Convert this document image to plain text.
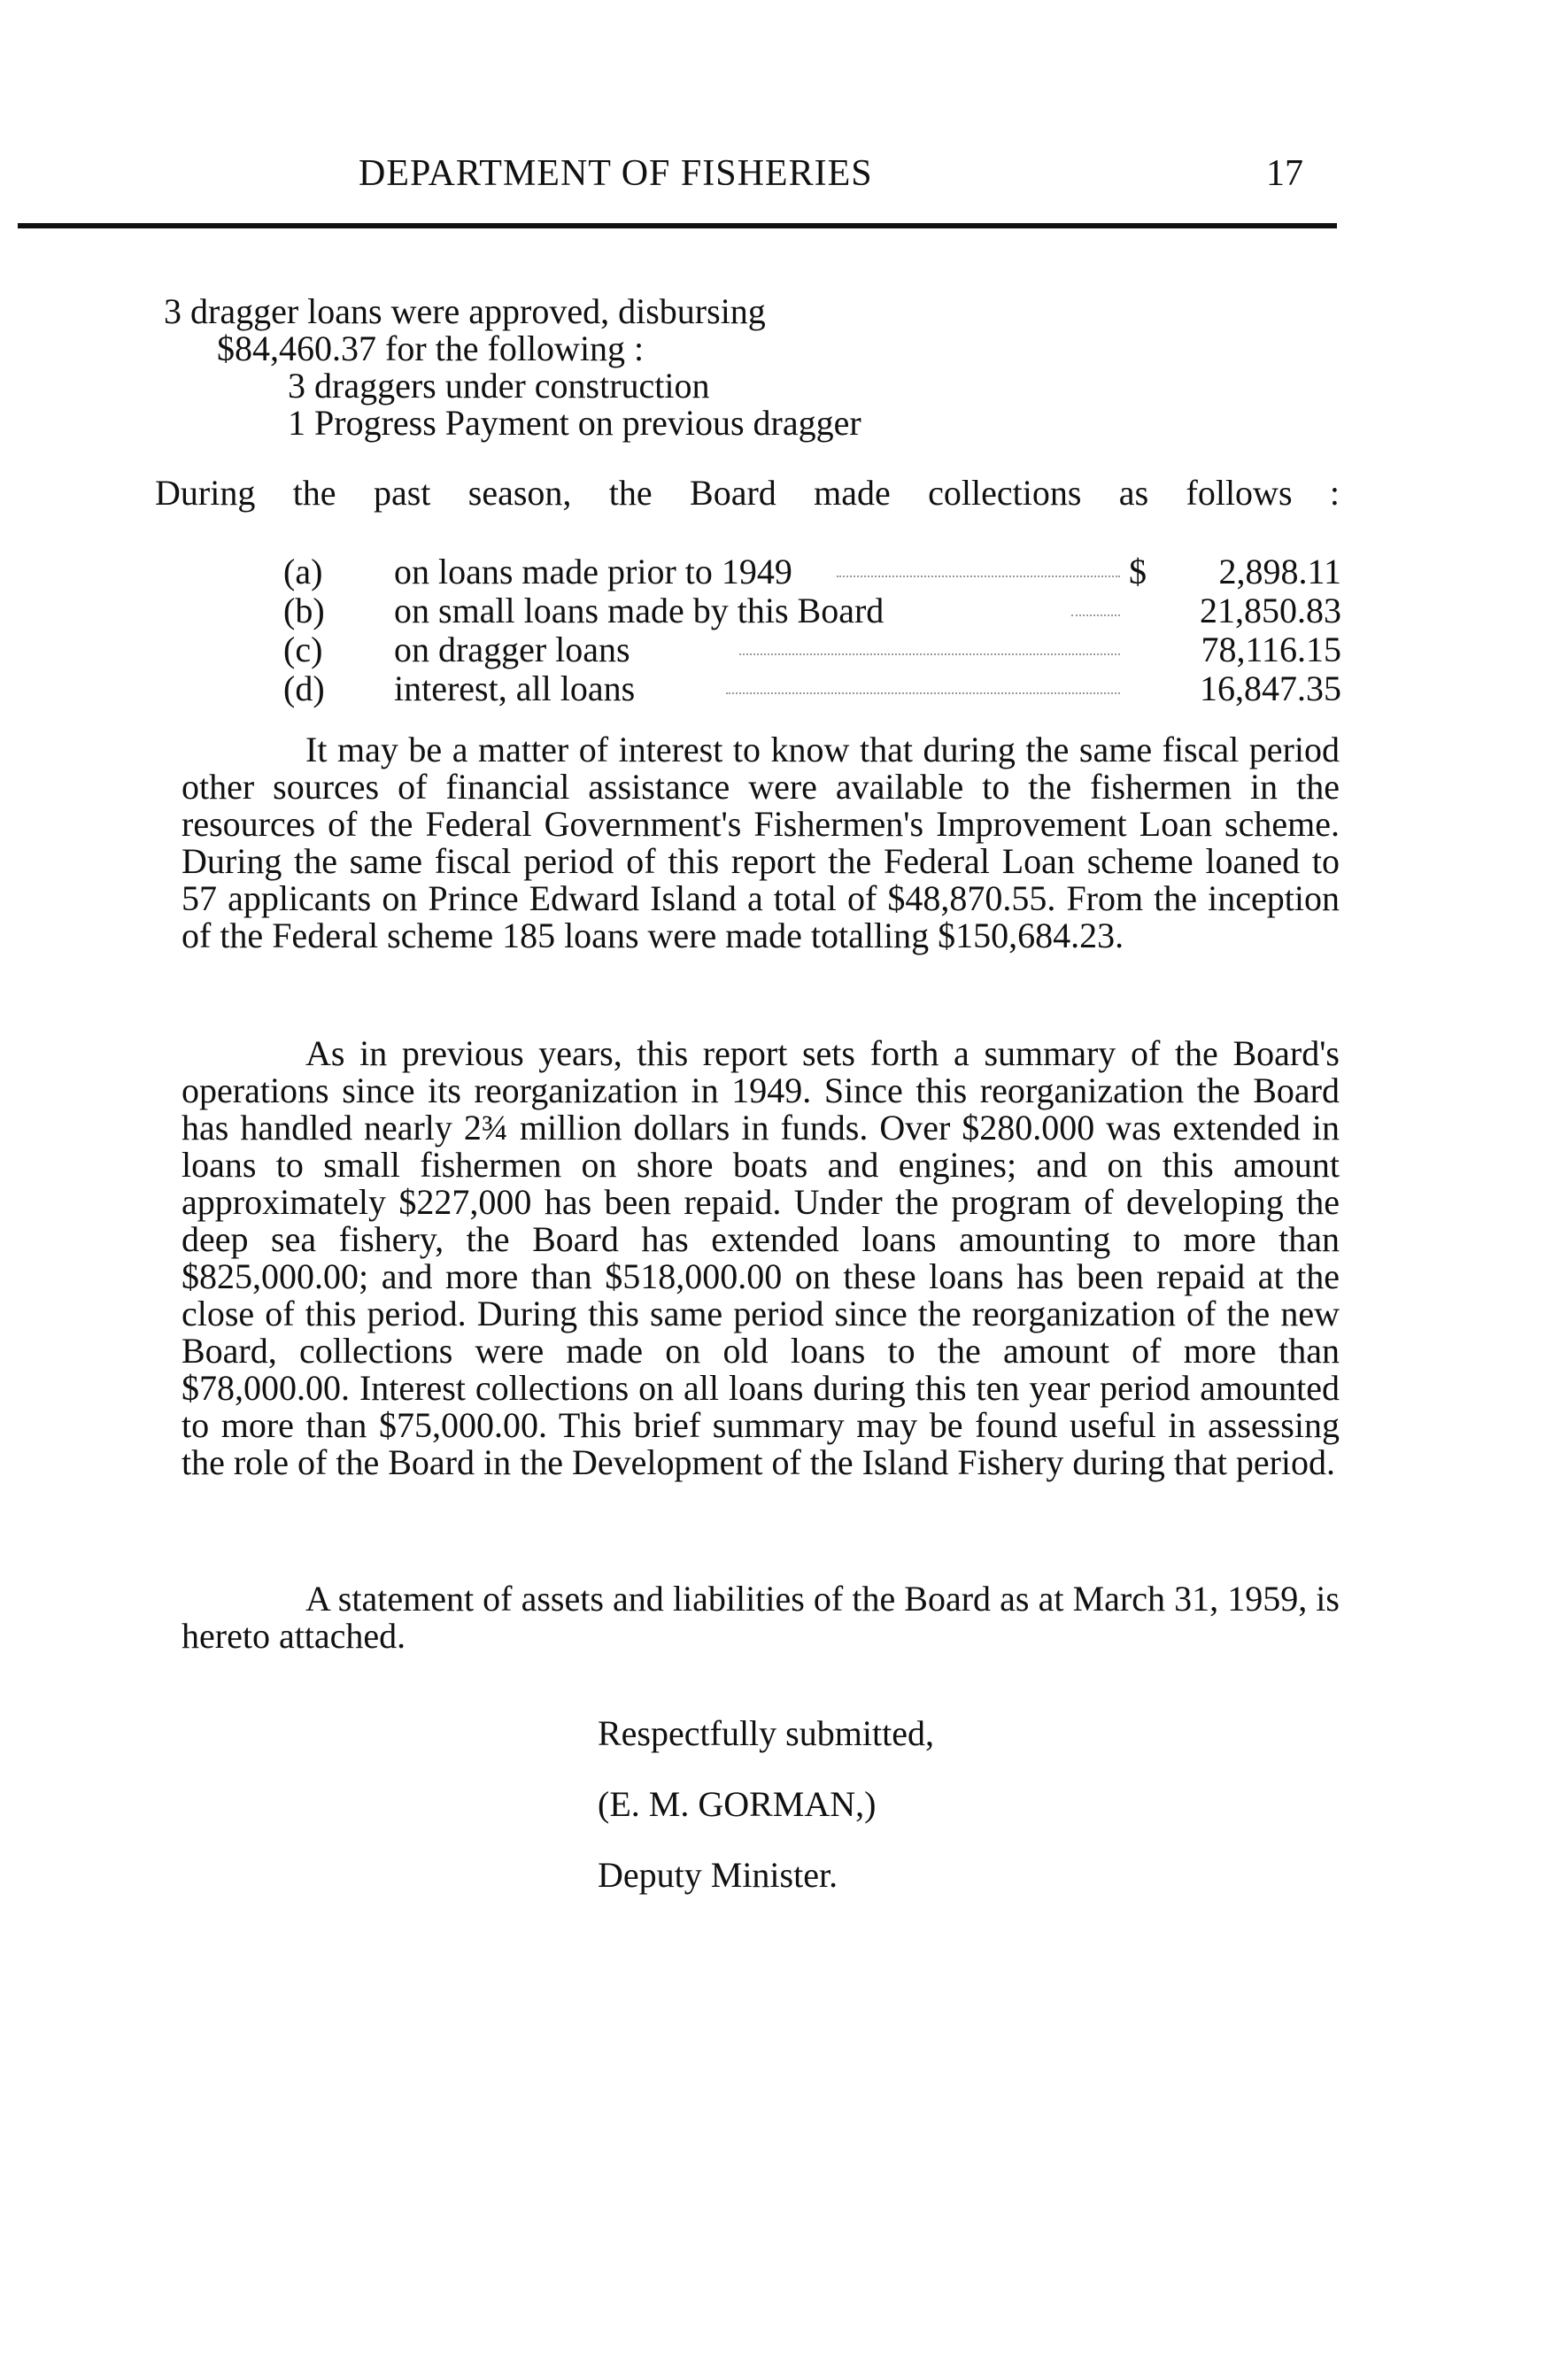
DEPARTMENT OF FISHERIES	17
3 dragger loans were approved, disbursing
$84,460.37 for the following :
3 draggers under construction
1 Progress Payment on previous dragger
During the past season, the Board made collections as follows :
(a) on loans made prior to 1949	$ 2,898.11
(b) on small loans made by this Board	21,850.83
(c) on dragger loans	78,116.15
(d) interest, all loans	16,847.35

It may be a matter of interest to know that during the same fiscal period other sources of financial assistance were available to the fishermen in the resources of the Federal Government's Fishermen's Improvement Loan scheme. During the same fiscal period of this report the Federal Loan scheme loaned to 57 applicants on Prince Edward Island a total of $48,870.55. From the inception of the Federal scheme 185 loans were made totalling $150,684.23.

As in previous years, this report sets forth a summary of the Board's operations since its reorganization in 1949. Since this reorganization the Board has handled nearly 2¾ million dollars in funds. Over $280.000 was extended in loans to small fishermen on shore boats and engines; and on this amount approximately $227,000 has been repaid. Under the program of developing the deep sea fishery, the Board has extended loans amounting to more than $825,000.00; and more than $518,000.00 on these loans has been repaid at the close of this period. During this same period since the reorganization of the new Board, collections were made on old loans to the amount of more than $78,000.00. Interest collections on all loans during this ten year period amounted to more than $75,000.00. This brief summary may be found useful in assessing the role of the Board in the Development of the Island Fishery during that period.

A statement of assets and liabilities of the Board as at March 31, 1959, is hereto attached.

Respectfully submitted,
(E. M. GORMAN,)
Deputy Minister.
